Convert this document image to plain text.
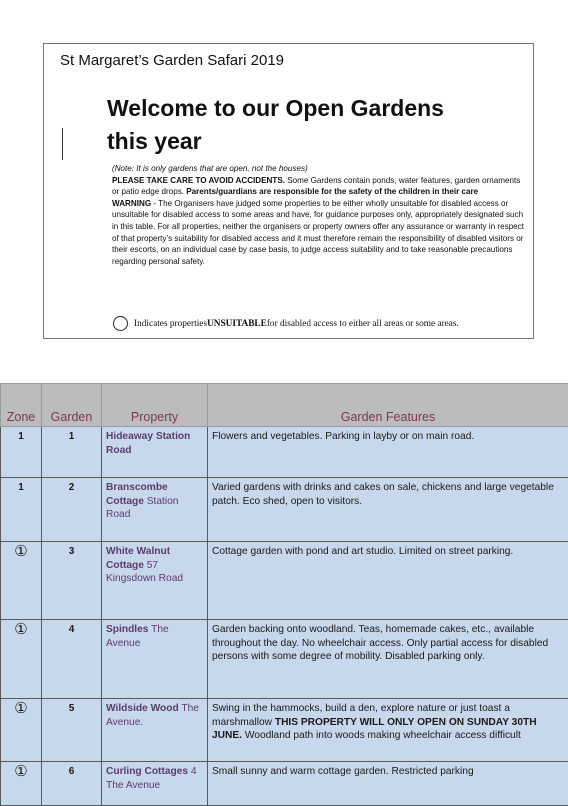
St Margaret’s Garden Safari 2019
Welcome to our Open Gardens
this year

(Note: It is only gardens that are open, not the houses)

PLEASE TAKE CARE TO AVOID ACCIDENTS. Some Gardens contain ponds, water features, garden ornaments or patio edge drops. Parents/guardians are responsible for the safety of the children in their care

WARNING - The Organisers have judged some properties to be either wholly unsuitable for disabled access or unsuitable for disabled access to some areas and have, for guidance purposes only, appropriately designated such in this table. For all properties, neither the organisers or property owners offer any assurance or warranty in respect of that property’s suitability for disabled access and it must therefore remain the responsibility of disabled visitors or their escorts, on an individual case by case basis, to judge access suitability and to take reasonable precautions regarding personal safety.

Indicates properties UNSUITABLE for disabled access to either all areas or some areas.
Zone	Garden	Property	Garden Features
1	1	Hideaway Station Road	Flowers and vegetables. Parking in layby or on main road.
1	2	Branscombe Cottage Station Road	Varied gardens with drinks and cakes on sale, chickens and large vegetable patch. Eco shed, open to visitors.
①	3	White Walnut Cottage 57 Kingsdown Road	Cottage garden with pond and art studio. Limited on street parking.
①	4	Spindles The Avenue	Garden backing onto woodland. Teas, homemade cakes, etc., available throughout the day. No wheelchair access. Only partial access for disabled persons with some degree of mobility. Disabled parking only.
①	5	Wildside Wood The Avenue.	Swing in the hammocks, build a den, explore nature or just toast a marshmallow THIS PROPERTY WILL ONLY OPEN ON SUNDAY 30TH JUNE. Woodland path into woods making wheelchair access difficult
①	6	Curling Cottages 4 The Avenue	Small sunny and warm cottage garden. Restricted parking
